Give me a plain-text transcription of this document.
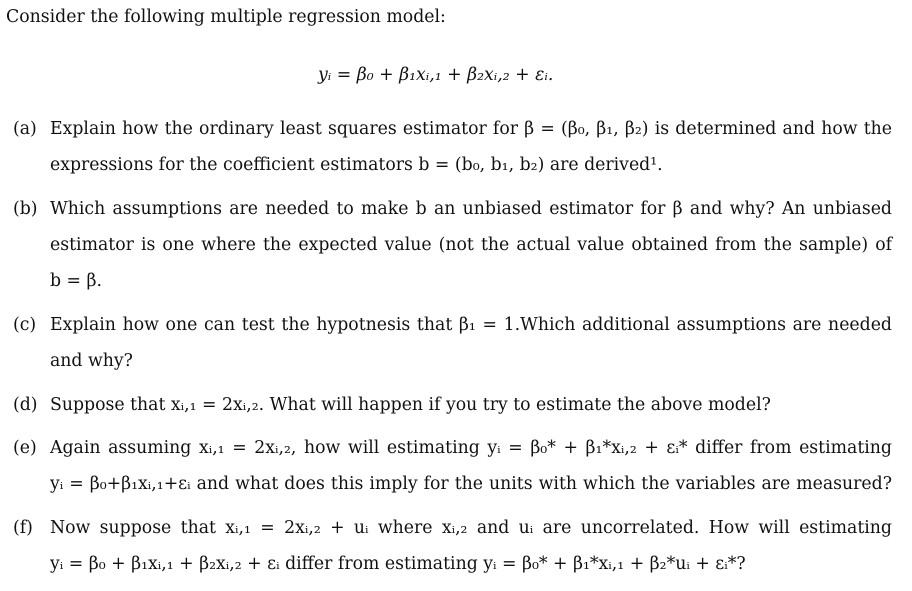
Consider the following multiple regression model:
yᵢ = β₀ + β₁xᵢ,₁ + β₂xᵢ,₂ + εᵢ.
(a) Explain how the ordinary least squares estimator for β = (β₀, β₁, β₂) is determined and how the
expressions for the coefficient estimators b = (b₀, b₁, b₂) are derived¹.
(b) Which assumptions are needed to make b an unbiased estimator for β and why? An unbiased
estimator is one where the expected value (not the actual value obtained from the sample) of
b = β.
(c) Explain how one can test the hypotnesis that β₁ = 1.Which additional assumptions are needed
and why?
(d) Suppose that xᵢ,₁ = 2xᵢ,₂. What will happen if you try to estimate the above model?
(e) Again assuming xᵢ,₁ = 2xᵢ,₂, how will estimating yᵢ = β₀* + β₁*xᵢ,₂ + εᵢ* differ from estimating
yᵢ = β₀+β₁xᵢ,₁+εᵢ and what does this imply for the units with which the variables are measured?
(f) Now suppose that xᵢ,₁ = 2xᵢ,₂ + uᵢ where xᵢ,₂ and uᵢ are uncorrelated. How will estimating
yᵢ = β₀ + β₁xᵢ,₁ + β₂xᵢ,₂ + εᵢ differ from estimating yᵢ = β₀* + β₁*xᵢ,₁ + β₂*uᵢ + εᵢ*?
